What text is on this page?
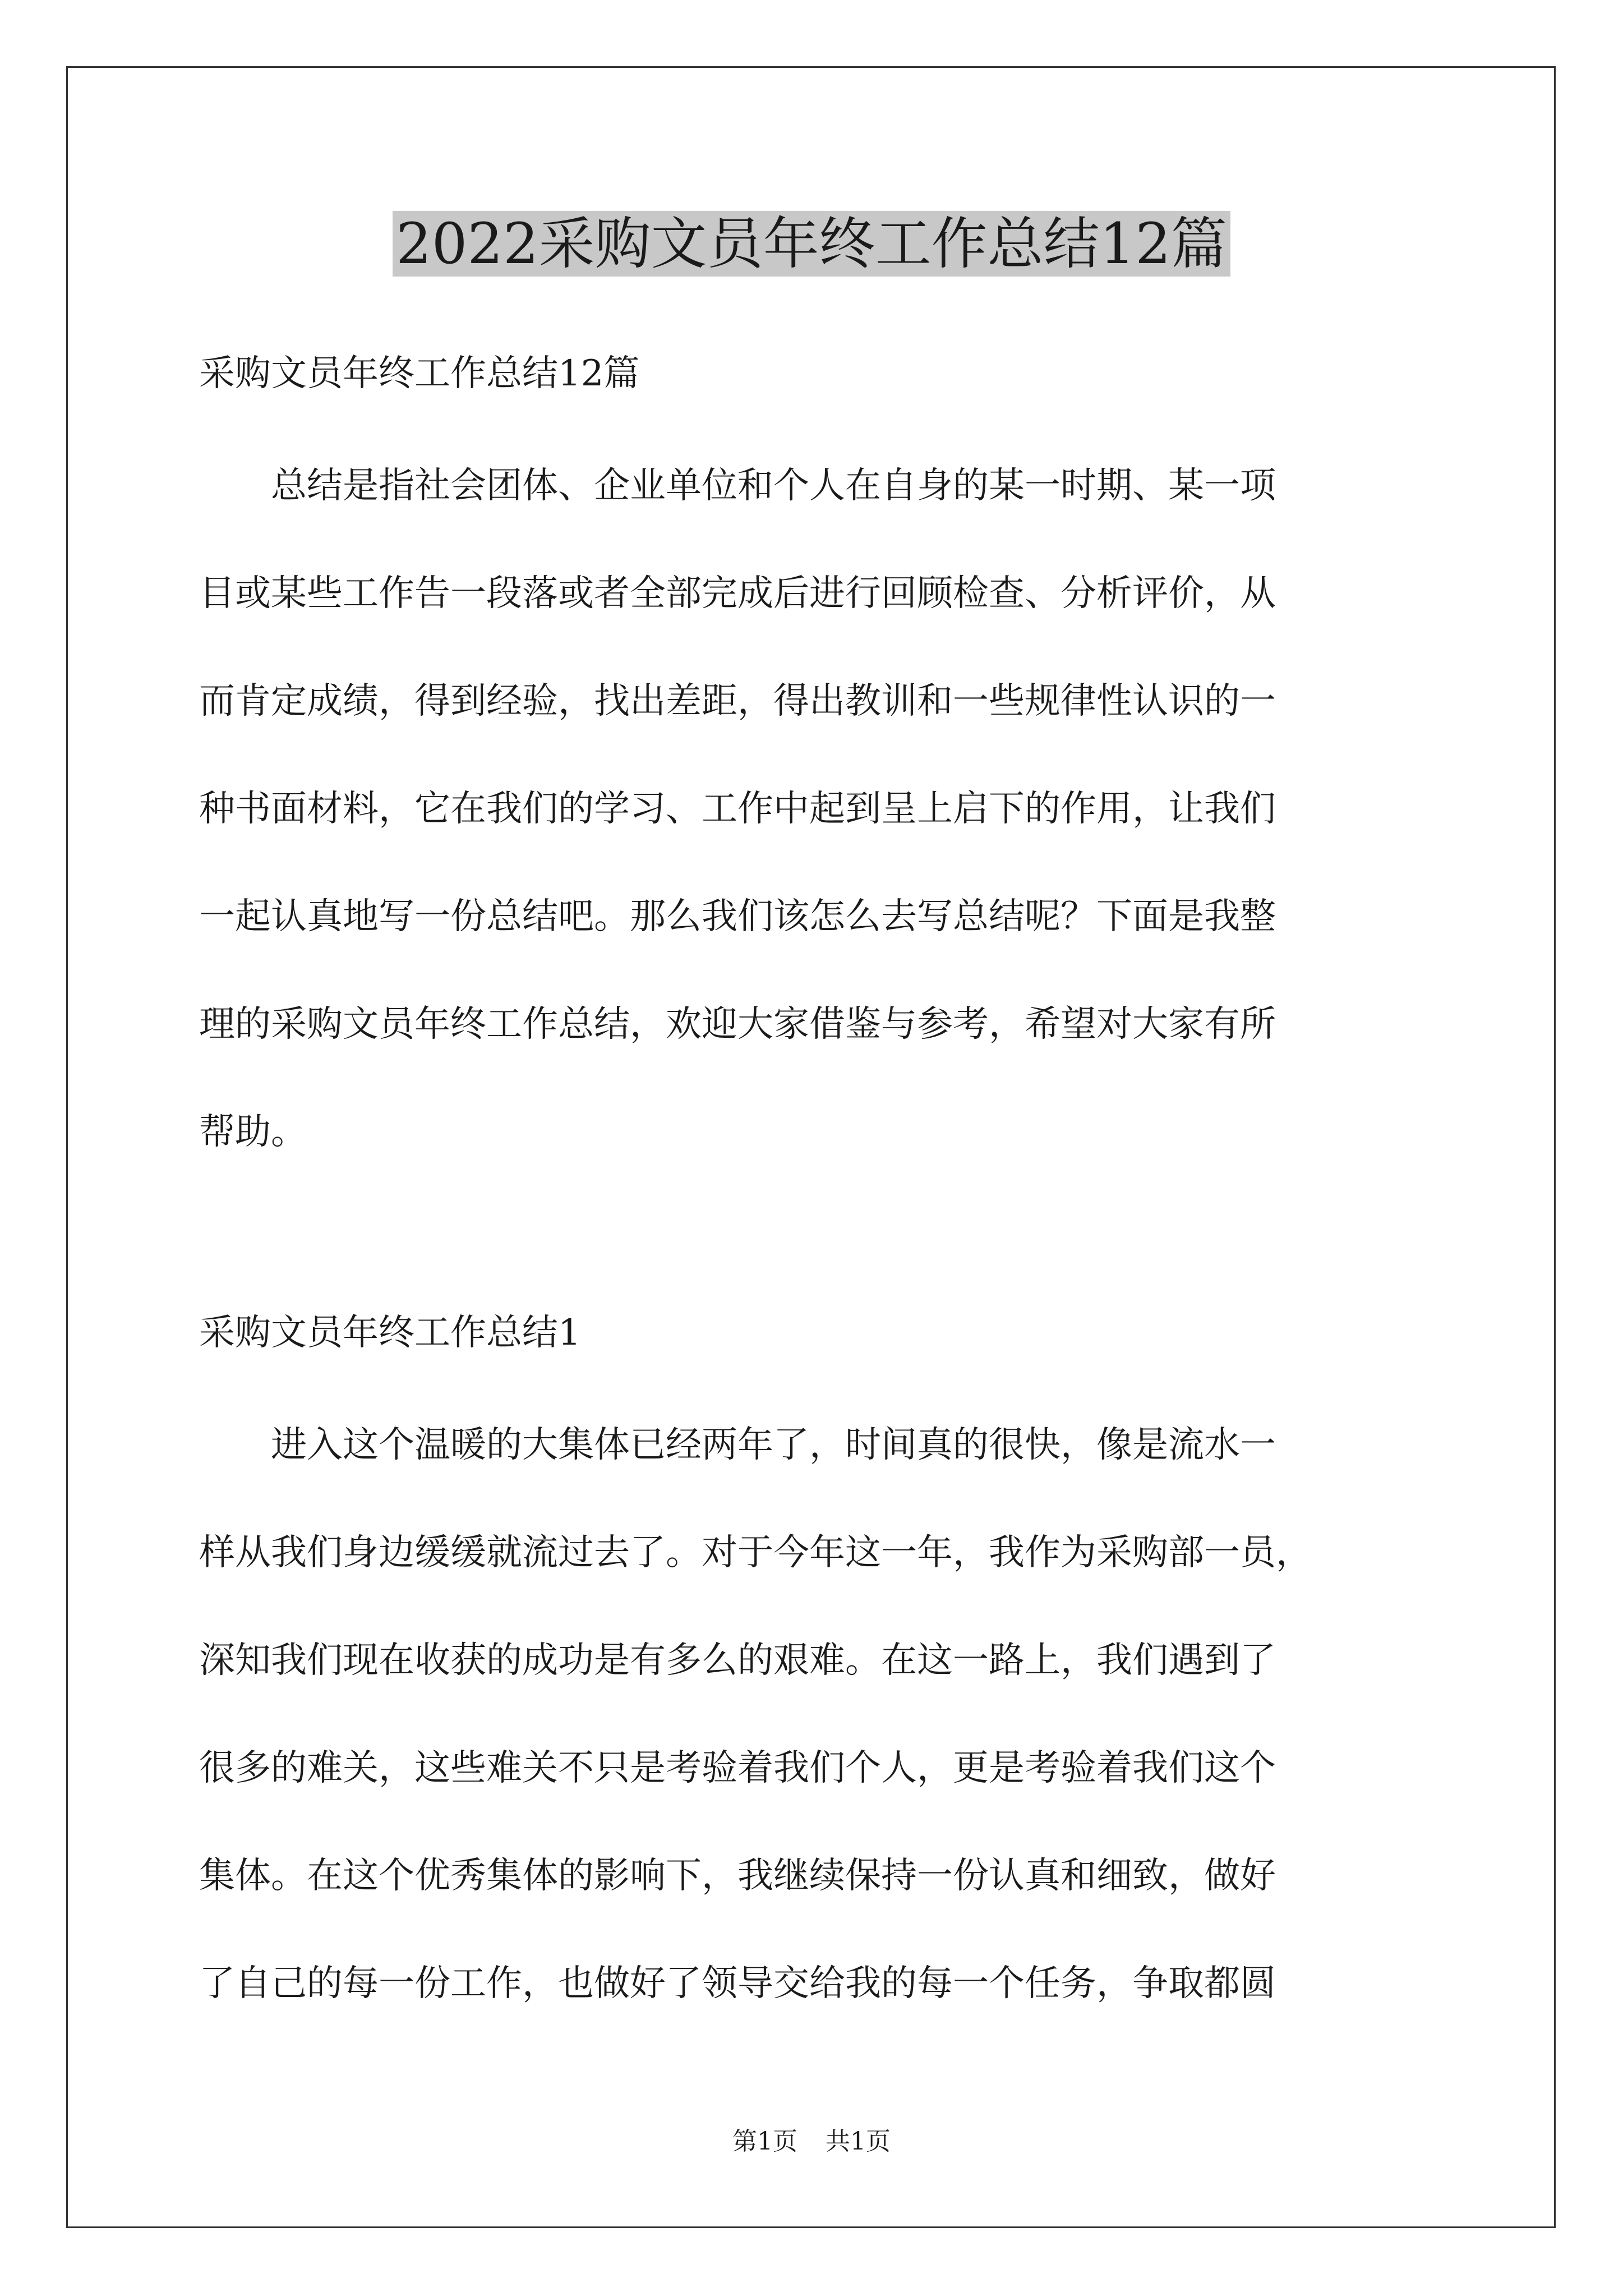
2022采购文员年终工作总结12篇

采购文员年终工作总结12篇

　　总结是指社会团体、企业单位和个人在自身的某一时期、某一项
目或某些工作告一段落或者全部完成后进行回顾检查、分析评价，从
而肯定成绩，得到经验，找出差距，得出教训和一些规律性认识的一
种书面材料，它在我们的学习、工作中起到呈上启下的作用，让我们
一起认真地写一份总结吧。那么我们该怎么去写总结呢？下面是我整
理的采购文员年终工作总结，欢迎大家借鉴与参考，希望对大家有所
帮助。

采购文员年终工作总结1

　　进入这个温暖的大集体已经两年了，时间真的很快，像是流水一
样从我们身边缓缓就流过去了。对于今年这一年，我作为采购部一员，
深知我们现在收获的成功是有多么的艰难。在这一路上，我们遇到了
很多的难关，这些难关不只是考验着我们个人，更是考验着我们这个
集体。在这个优秀集体的影响下，我继续保持一份认真和细致，做好
了自己的每一份工作，也做好了领导交给我的每一个任务，争取都圆
第1页 共1页
